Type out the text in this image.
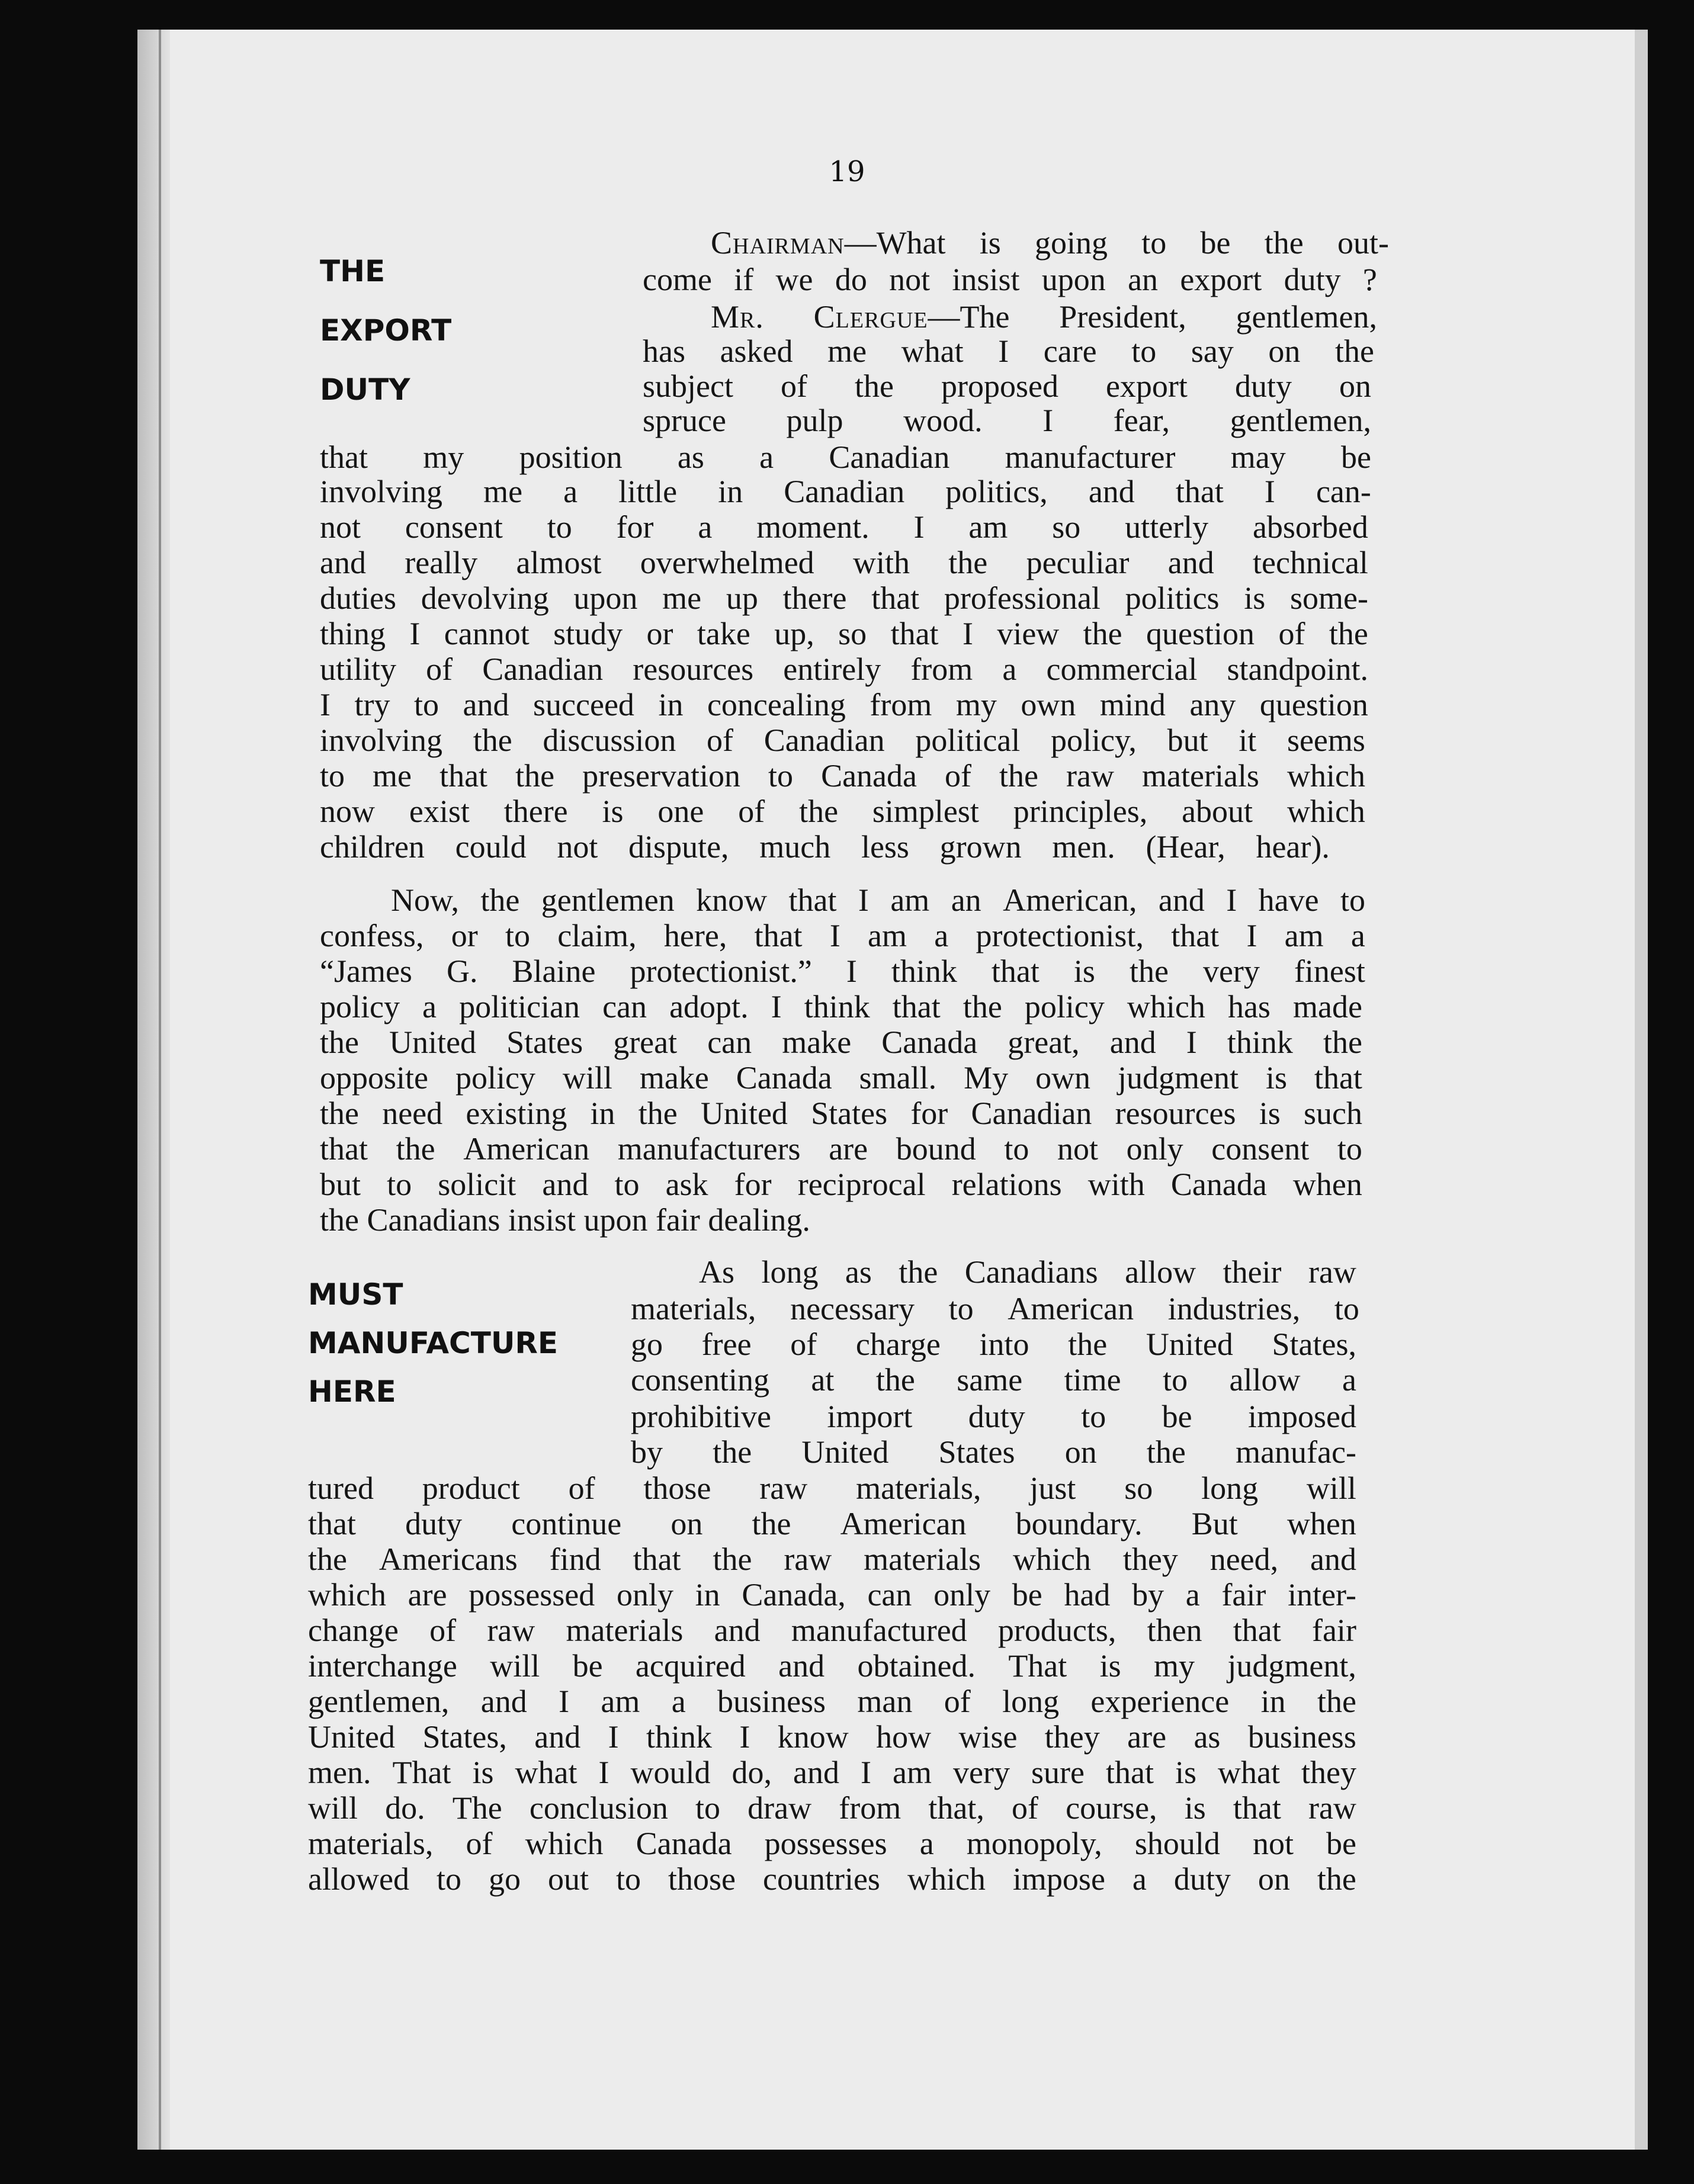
19
THE
EXPORT
DUTY
MUST
MANUFACTURE
HERE
Chairman—What is going to be the out-
come if we do not insist upon an export duty ?
Mr. Clergue—The President, gentlemen,
has asked me what I care to say on the
subject of the proposed export duty on
spruce pulp wood. I fear, gentlemen,
that my position as a Canadian manufacturer may be
involving me a little in Canadian politics, and that I can-
not consent to for a moment. I am so utterly absorbed
and really almost overwhelmed with the peculiar and technical
duties devolving upon me up there that professional politics is some-
thing I cannot study or take up, so that I view the question of the
utility of Canadian resources entirely from a commercial standpoint.
I try to and succeed in concealing from my own mind any question
involving the discussion of Canadian political policy, but it seems
to me that the preservation to Canada of the raw materials which
now exist there is one of the simplest principles, about which
children could not dispute, much less grown men. (Hear, hear).
Now, the gentlemen know that I am an American, and I have to
confess, or to claim, here, that I am a protectionist, that I am a
“James G. Blaine protectionist.” I think that is the very finest
policy a politician can adopt. I think that the policy which has made
the United States great can make Canada great, and I think the
opposite policy will make Canada small. My own judgment is that
the need existing in the United States for Canadian resources is such
that the American manufacturers are bound to not only consent to
but to solicit and to ask for reciprocal relations with Canada when
the Canadians insist upon fair dealing.
As long as the Canadians allow their raw
materials, necessary to American industries, to
go free of charge into the United States,
consenting at the same time to allow a
prohibitive import duty to be imposed
by the United States on the manufac-
tured product of those raw materials, just so long will
that duty continue on the American boundary. But when
the Americans find that the raw materials which they need, and
which are possessed only in Canada, can only be had by a fair inter-
change of raw materials and manufactured products, then that fair
interchange will be acquired and obtained. That is my judgment,
gentlemen, and I am a business man of long experience in the
United States, and I think I know how wise they are as business
men. That is what I would do, and I am very sure that is what they
will do. The conclusion to draw from that, of course, is that raw
materials, of which Canada possesses a monopoly, should not be
allowed to go out to those countries which impose a duty on the
